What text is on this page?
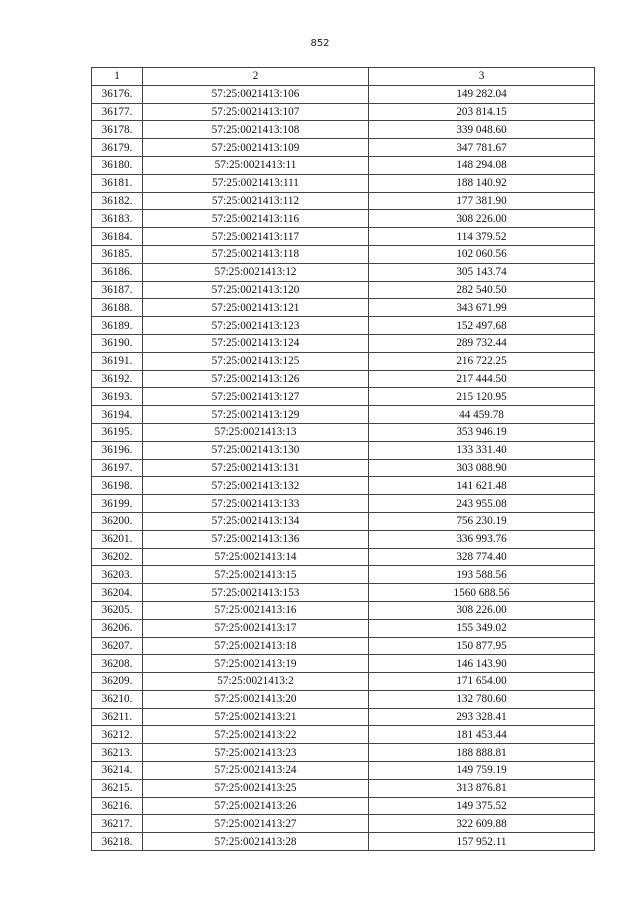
852
1	2	3
36176.	57:25:0021413:106	149 282.04
36177.	57:25:0021413:107	203 814.15
36178.	57:25:0021413:108	339 048.60
36179.	57:25:0021413:109	347 781.67
36180.	57:25:0021413:11	148 294.08
36181.	57:25:0021413:111	188 140.92
36182.	57:25:0021413:112	177 381.90
36183.	57:25:0021413:116	308 226.00
36184.	57:25:0021413:117	114 379.52
36185.	57:25:0021413:118	102 060.56
36186.	57:25:0021413:12	305 143.74
36187.	57:25:0021413:120	282 540.50
36188.	57:25:0021413:121	343 671.99
36189.	57:25:0021413:123	152 497.68
36190.	57:25:0021413:124	289 732.44
36191.	57:25:0021413:125	216 722.25
36192.	57:25:0021413:126	217 444.50
36193.	57:25:0021413:127	215 120.95
36194.	57:25:0021413:129	44 459.78
36195.	57:25:0021413:13	353 946.19
36196.	57:25:0021413:130	133 331.40
36197.	57:25:0021413:131	303 088.90
36198.	57:25:0021413:132	141 621.48
36199.	57:25:0021413:133	243 955.08
36200.	57:25:0021413:134	756 230.19
36201.	57:25:0021413:136	336 993.76
36202.	57:25:0021413:14	328 774.40
36203.	57:25:0021413:15	193 588.56
36204.	57:25:0021413:153	1560 688.56
36205.	57:25:0021413:16	308 226.00
36206.	57:25:0021413:17	155 349.02
36207.	57:25:0021413:18	150 877.95
36208.	57:25:0021413:19	146 143.90
36209.	57:25:0021413:2	171 654.00
36210.	57:25:0021413:20	132 780.60
36211.	57:25:0021413:21	293 328.41
36212.	57:25:0021413:22	181 453.44
36213.	57:25:0021413:23	188 888.81
36214.	57:25:0021413:24	149 759.19
36215.	57:25:0021413:25	313 876.81
36216.	57:25:0021413:26	149 375.52
36217.	57:25:0021413:27	322 609.88
36218.	57:25:0021413:28	157 952.11
